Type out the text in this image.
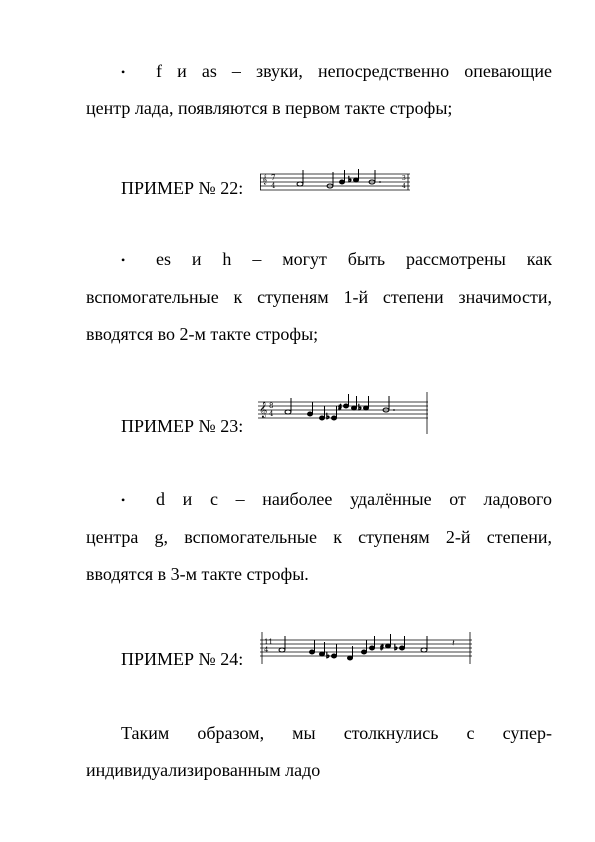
• f и as – звуки, непосредственно опевающие
центр лада, появляются в первом такте строфы;
ПРИМЕР № 22: 𝄞 7
4
♭	3
4
• es и h – могут быть рассмотрены как
вспомогательные к ступеням 1-й степени значимости,
вводятся во 2-м такте строфы;
ПРИМЕР № 23:
𝄞 8
4	♭
♯ ♭
• d и c – наиболее удалённые от ладового
центра g, вспомогательные к ступеням 2-й степени,
вводятся в 3-м такте строфы.
ПРИМЕР № 24:
11
4
♭
♯ ♭	𝄽
Таким образом, мы столкнулись с супер-
индивидуализированным ладо
